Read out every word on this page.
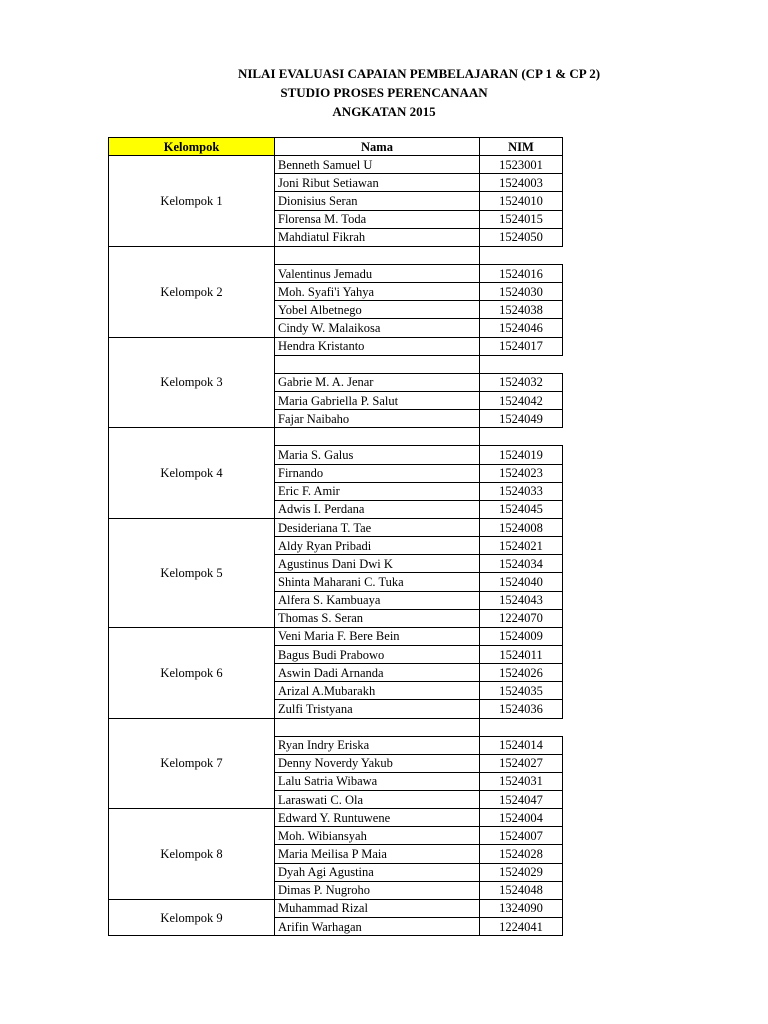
NILAI EVALUASI CAPAIAN PEMBELAJARAN (CP 1 & CP 2)
STUDIO PROSES PERENCANAAN
ANGKATAN 2015
Kelompok	Nama	NIM
Kelompok 1	Benneth Samuel U	1523001
	Joni Ribut Setiawan	1524003
	Dionisius Seran	1524010
	Florensa M. Toda	1524015
	Mahdiatul Fikrah	1524050
Kelompok 2		
	Valentinus Jemadu	1524016
	Moh. Syafi'i Yahya	1524030
	Yobel Albetnego	1524038
	Cindy W. Malaikosa	1524046
Kelompok 3	Hendra Kristanto	1524017

	Gabrie M. A. Jenar	1524032
	Maria Gabriella P. Salut	1524042
	Fajar Naibaho	1524049
Kelompok 4		
	Maria S. Galus	1524019
	Firnando	1524023
	Eric F. Amir	1524033
	Adwis I. Perdana	1524045
Kelompok 5	Desideriana T. Tae	1524008
	Aldy Ryan Pribadi	1524021
	Agustinus Dani Dwi K	1524034
	Shinta Maharani C. Tuka	1524040
	Alfera S. Kambuaya	1524043
	Thomas S. Seran	1224070
Kelompok 6	Veni Maria F. Bere Bein	1524009
	Bagus Budi Prabowo	1524011
	Aswin Dadi Arnanda	1524026
	Arizal A.Mubarakh	1524035
	Zulfi Tristyana	1524036
Kelompok 7		
	Ryan Indry Eriska	1524014
	Denny Noverdy Yakub	1524027
	Lalu Satria Wibawa	1524031
	Laraswati C. Ola	1524047
Kelompok 8	Edward Y. Runtuwene	1524004
	Moh. Wibiansyah	1524007
	Maria Meilisa P Maia	1524028
	Dyah Agi Agustina	1524029
	Dimas P. Nugroho	1524048
Kelompok 9	Muhammad Rizal	1324090
	Arifin Warhagan	1224041
